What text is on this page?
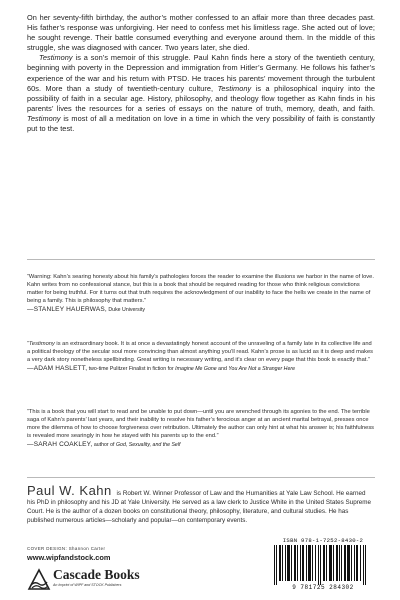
On her seventy-fifth birthday, the author’s mother confessed to an affair more than three decades past. His father’s response was unforgiving. Her need to confess met his limitless rage. She acted out of love; he sought revenge. Their battle consumed everything and everyone around them. In the middle of this struggle, she was diagnosed with cancer. Two years later, she died.

Testimony is a son’s memoir of this struggle. Paul Kahn finds here a story of the twentieth century, beginning with poverty in the Depression and immigration from Hitler’s Germany. He follows his father’s experience of the war and his return with PTSD. He traces his parents’ movement through the turbulent 60s. More than a study of twentieth-century culture, Testimony is a philosophical inquiry into the possibility of faith in a secular age. History, philosophy, and theology flow together as Kahn finds in his parents’ lives the resources for a series of essays on the nature of truth, memory, death, and faith. Testimony is most of all a meditation on love in a time in which the very possibility of faith is constantly put to the test.

“Warning: Kahn’s searing honesty about his family’s pathologies forces the reader to examine the illusions we harbor in the name of love. Kahn writes from no confessional stance, but this is a book that should be required reading for those who think religious convictions matter for being truthful. For it turns out that truth requires the acknowledgment of our inability to face the hells we create in the name of being a family. This is philosophy that matters.”

—STANLEY HAUERWAS, Duke University

“Testimony is an extraordinary book. It is at once a devastatingly honest account of the unraveling of a family late in its collective life and a political theology of the secular soul more convincing than almost anything you’ll read. Kahn’s prose is as lucid as it is deep and makes a very dark story nonetheless spellbinding. Great writing is necessary writing, and it’s clear on every page that this book is exactly that.”

—ADAM HASLETT, two-time Pulitzer Finalist in fiction for Imagine Me Gone and You Are Not a Stranger Here

“This is a book that you will start to read and be unable to put down—until you are wrenched through its agonies to the end. The terrible saga of Kahn’s parents’ last years, and their inability to resolve his father’s ferocious anger at an ancient marital betrayal, presses once more the dilemma of how to choose forgiveness over retribution. Ultimately the author can only hint at what his answer is; his faithfulness is revealed more searingly in how he stayed with his parents up to the end.”

—SARAH COAKLEY, author of God, Sexuality, and the Self
Paul W. Kahn is Robert W. Winner Professor of Law and the Humanities at Yale Law School. He earned his PhD in philosophy and his JD at Yale University. He served as a law clerk to Justice White in the United States Supreme Court. He is the author of a dozen books on constitutional theory, philosophy, literature, and cultural studies. He has published numerous articles—scholarly and popular—on contemporary events.
COVER DESIGN: Shannon Carter
www.wipfandstock.com
Cascade Books
An Imprint of WIPF and STOCK Publishers
ISBN 978-1-7252-8430-2
9 781725 284302
